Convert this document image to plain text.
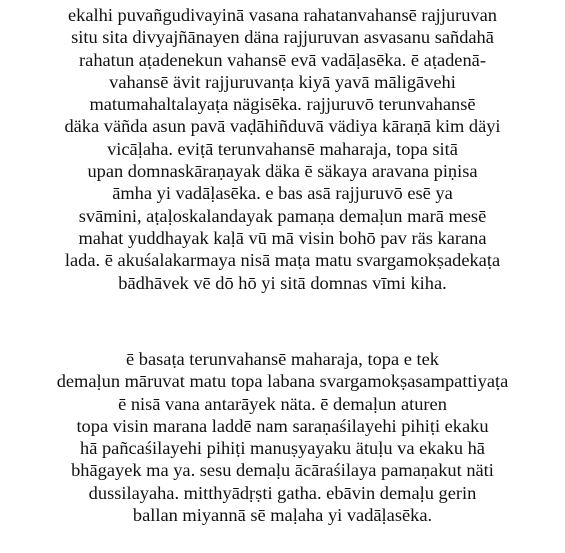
ekalhi puvañgudivayinā vasana rahatanvahansē rajjuruvan
situ sita divyajñānayen däna rajjuruvan asvasanu sañdahā
rahatun aṭadenekun vahansē evā vadāḷasēka. ē aṭadenā-
vahansē ävit rajjuruvanṭa kiyā yavā māligāvehi
matumahaltalayaṭa nägisēka. rajjuruvō terunvahansē
däka väñda asun pavā vaḍāhiñduvā vädiya kāraṇā kim däyi
vicāḷaha. eviṭā terunvahansē maharaja, topa sitā
upan domnaskāraṇayak däka ē säkaya aravana piṇisa
āmha yi vadāḷasēka. e bas asā rajjuruvō esē ya
svāmini, aṭaḷoskalandayak pamaṇa demaḷun marā mesē
mahat yuddhayak kaḷā vū mā visin bohō pav räs karana
lada. ē akuśalakarmaya nisā maṭa matu svargamokṣadekaṭa
bādhāvek vē dō hō yi sitā domnas vīmi kiha.
ē basaṭa terunvahansē maharaja, topa e tek
demaḷun māruvat matu topa labana svargamokṣasampattiyaṭa
ē nisā vana antarāyek näta. ē demaḷun aturen
topa visin marana laddē nam saraṇaśilayehi pihiṭi ekaku
hā pañcaśilayehi pihiṭi manuṣyayaku ätuḷu va ekaku hā
bhāgayek ma ya. sesu demaḷu ācāraśilaya pamaṇakut näti
dussilayaha. mitthyādṛṣti gatha. ebāvin demaḷu gerin
ballan miyannā sē maḷaha yi vadāḷasēka.
